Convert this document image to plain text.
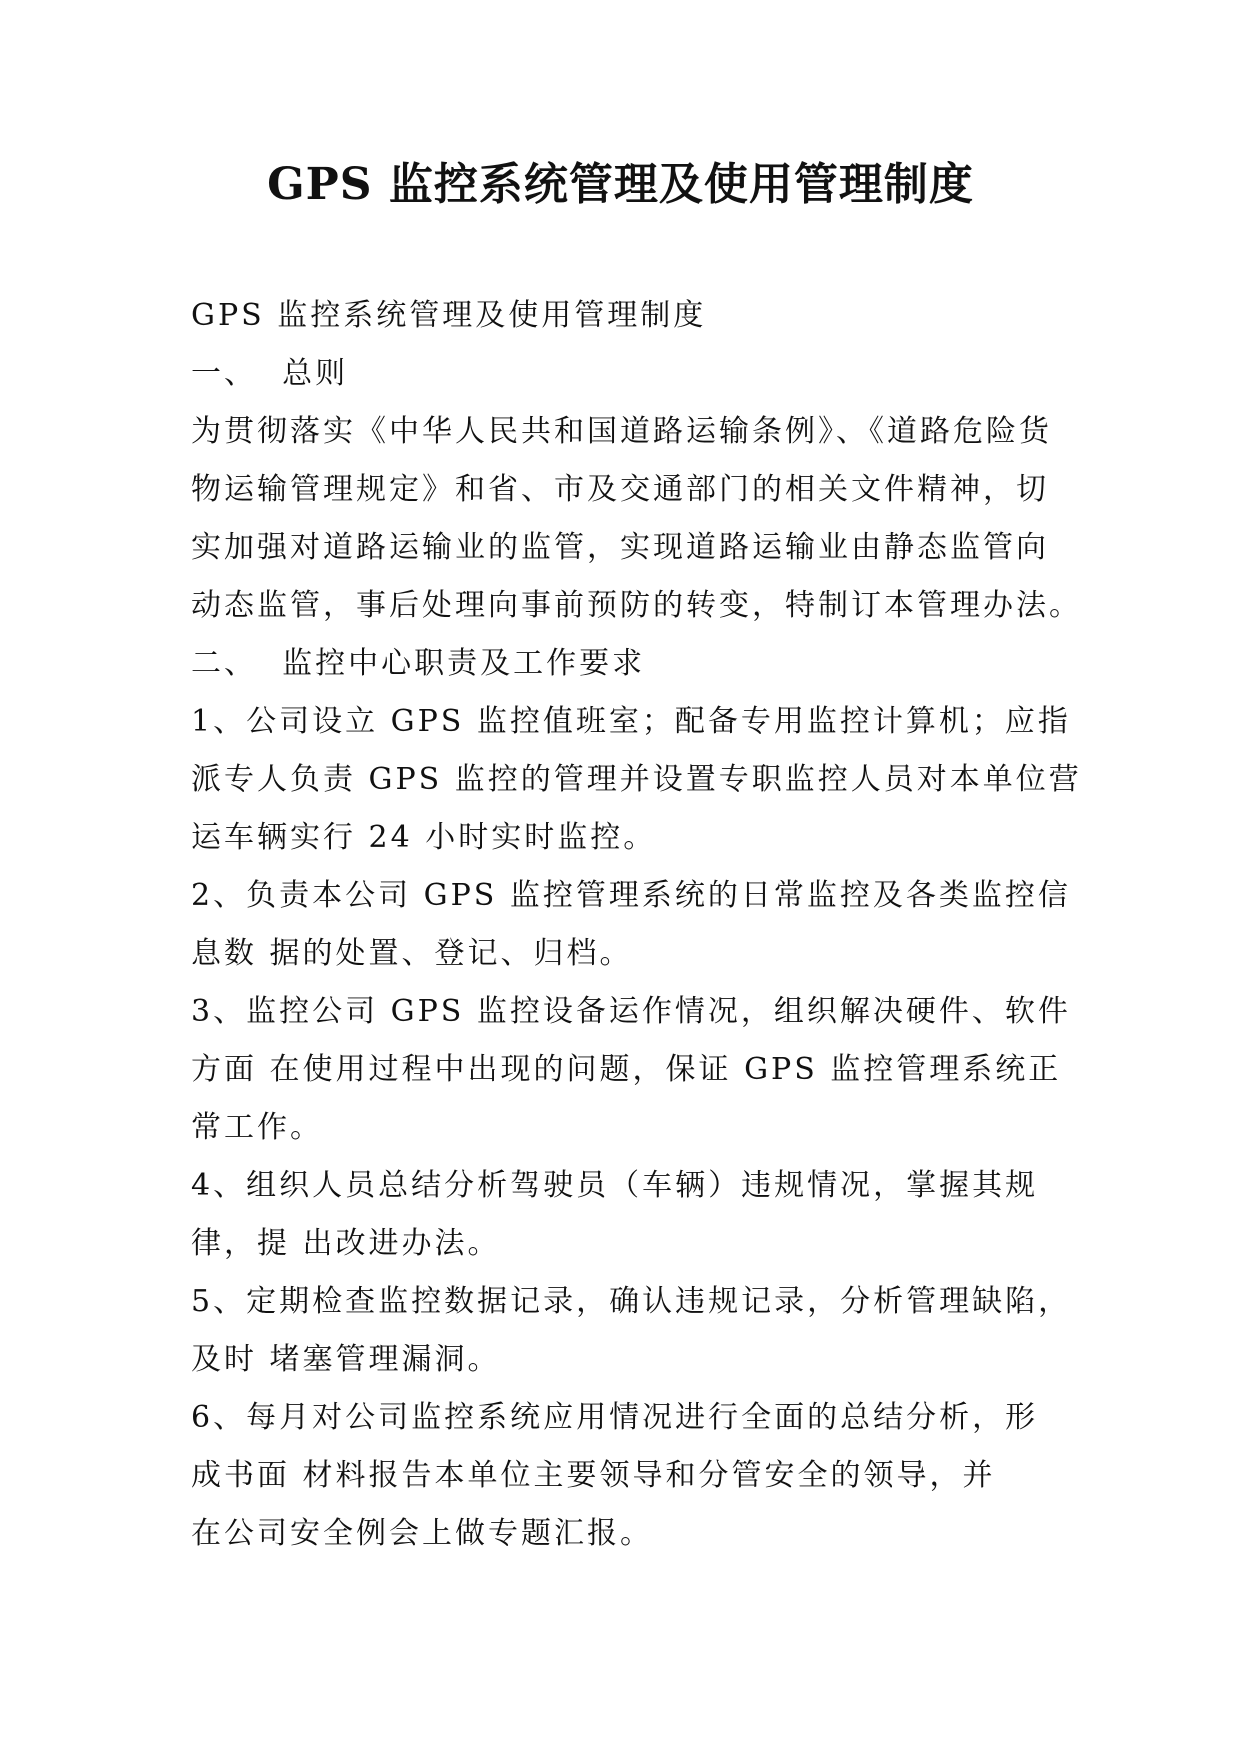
GPS 监控系统管理及使用管理制度
GPS 监控系统管理及使用管理制度
一、  总则
为贯彻落实《中华人民共和国道路运输条例》、《道路危险货
物运输管理规定》和省、市及交通部门的相关文件精神，切
实加强对道路运输业的监管，实现道路运输业由静态监管向
动态监管，事后处理向事前预防的转变，特制订本管理办法。
二、  监控中心职责及工作要求
1、公司设立 GPS 监控值班室；配备专用监控计算机；应指
派专人负责 GPS 监控的管理并设置专职监控人员对本单位营
运车辆实行 24 小时实时监控。
2、负责本公司 GPS 监控管理系统的日常监控及各类监控信
息数 据的处置、登记、归档。
3、监控公司 GPS 监控设备运作情况，组织解决硬件、软件
方面 在使用过程中出现的问题，保证 GPS 监控管理系统正
常工作。
4、组织人员总结分析驾驶员（车辆）违规情况，掌握其规
律，提 出改进办法。
5、定期检查监控数据记录，确认违规记录，分析管理缺陷，
及时 堵塞管理漏洞。
6、每月对公司监控系统应用情况进行全面的总结分析，形
成书面 材料报告本单位主要领导和分管安全的领导，并
在公司安全例会上做专题汇报。
